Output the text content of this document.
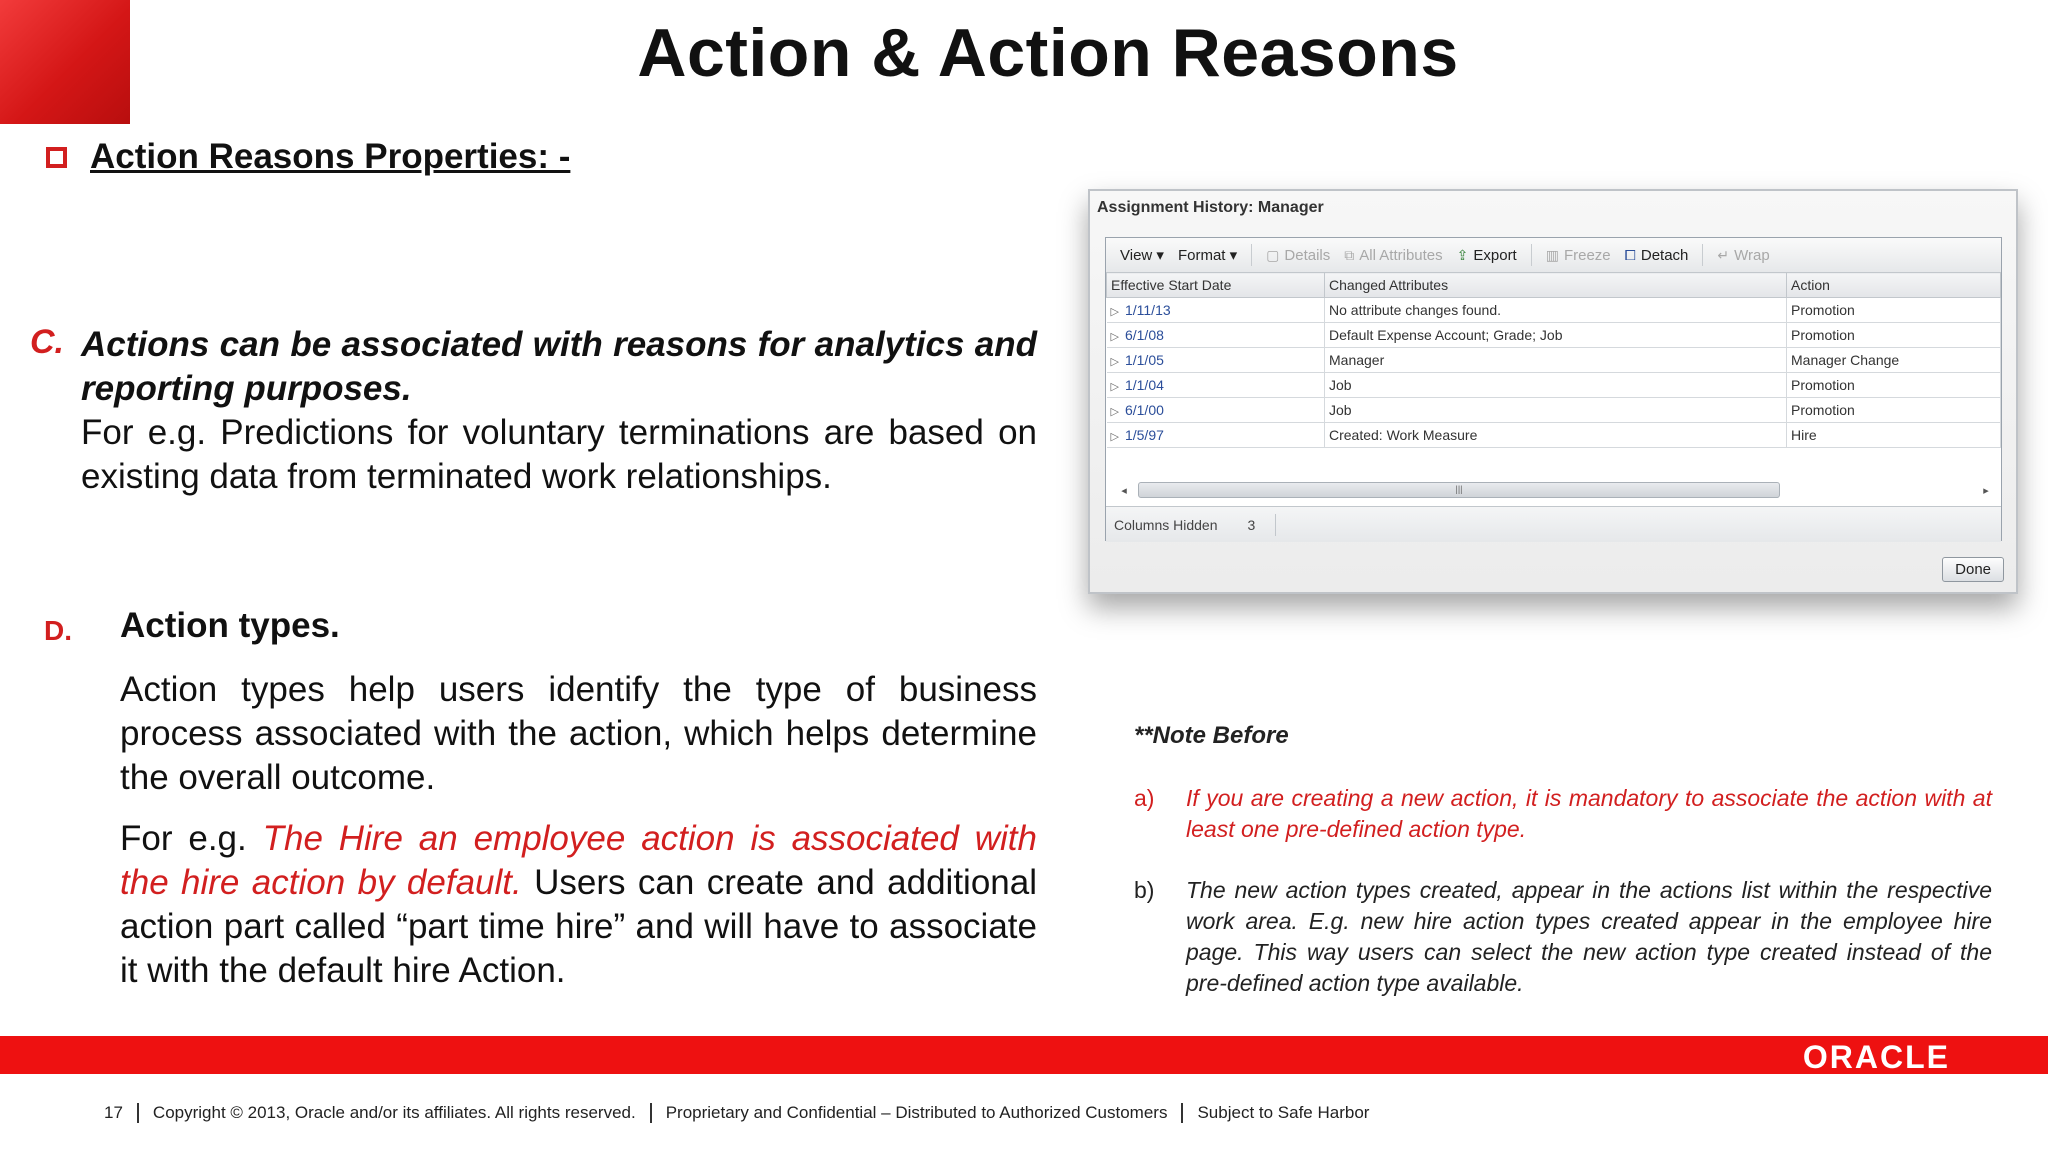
Action & Action Reasons
Action Reasons Properties: -
C. Actions can be associated with reasons for analytics and reporting purposes.
For e.g. Predictions for voluntary terminations are based on existing data from terminated work relationships.
D. Action types.
Action types help users identify the type of business process associated with the action, which helps determine the overall outcome.
For e.g. The Hire an employee action is associated with the hire action by default. Users can create and additional action part called “part time hire” and will have to associate it with the default hire Action.
Assignment History: Manager
View
▾ Format
▾ ▢ Details ⧉ All Attributes ⇪ Export ▥ Freeze ⧠ Detach ↵ Wrap
Effective Start Date	Changed Attributes	Action
▷ 1/11/13	No attribute changes found.	Promotion
▷ 6/1/08	Default Expense Account; Grade; Job	Promotion
▷ 1/1/05	Manager	Manager Change
▷ 1/1/04	Job	Promotion
▷ 6/1/00	Job	Promotion
▷ 1/5/97	Created: Work Measure	Hire
◂	|||	▸
Columns Hidden 3
Done
**Note Before
a)	If you are creating a new action, it is mandatory to associate the action with at least one pre-defined action type.
b)	The new action types created, appear in the actions list within the respective work area. E.g. new hire action types created appear in the employee hire page. This way users can select the new action type created instead of the pre-defined action type available.
ORACLE
17 Copyright © 2013, Oracle and/or its affiliates. All rights reserved. Proprietary and Confidential – Distributed to Authorized Customers Subject to Safe Harbor
